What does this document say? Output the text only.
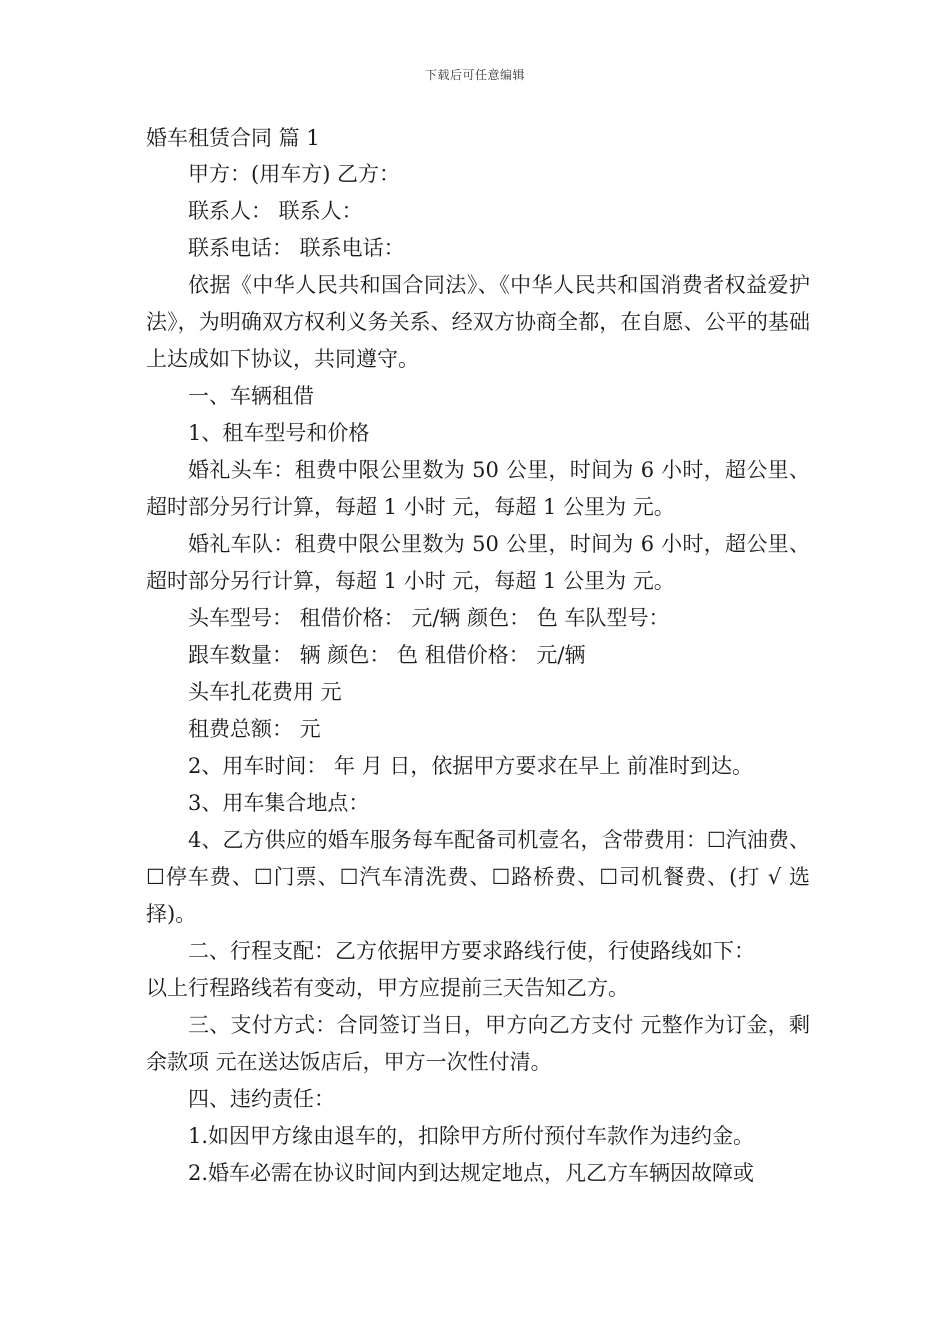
下载后可任意编辑

婚车租赁合同 篇 1

甲方：(用车方) 乙方：

联系人： 联系人：

联系电话： 联系电话：

依据《中华人民共和国合同法》、《中华人民共和国消费者权益爱护法》，为明确双方权利义务关系、经双方协商全都，在自愿、公平的基础上达成如下协议，共同遵守。

一、车辆租借

1、租车型号和价格

婚礼头车：租费中限公里数为 50 公里，时间为 6 小时，超公里、超时部分另行计算，每超 1 小时 元，每超 1 公里为 元。

婚礼车队：租费中限公里数为 50 公里，时间为 6 小时，超公里、超时部分另行计算，每超 1 小时 元，每超 1 公里为 元。

头车型号： 租借价格： 元/辆 颜色： 色 车队型号：

跟车数量： 辆 颜色： 色 租借价格： 元/辆

头车扎花费用 元

租费总额： 元

2、用车时间： 年 月 日，依据甲方要求在早上 前准时到达。

3、用车集合地点：

4、乙方供应的婚车服务每车配备司机壹名，含带费用：☐汽油费、 ☐停车费、☐门票、☐汽车清洗费、☐路桥费、☐司机餐费、(打 √ 选择)。

二、行程支配：乙方依据甲方要求路线行使，行使路线如下：

以上行程路线若有变动，甲方应提前三天告知乙方。

三、支付方式：合同签订当日，甲方向乙方支付 元整作为订金，剩余款项 元在送达饭店后，甲方一次性付清。

四、违约责任：

1.如因甲方缘由退车的，扣除甲方所付预付车款作为违约金。

2.婚车必需在协议时间内到达规定地点，凡乙方车辆因故障或
